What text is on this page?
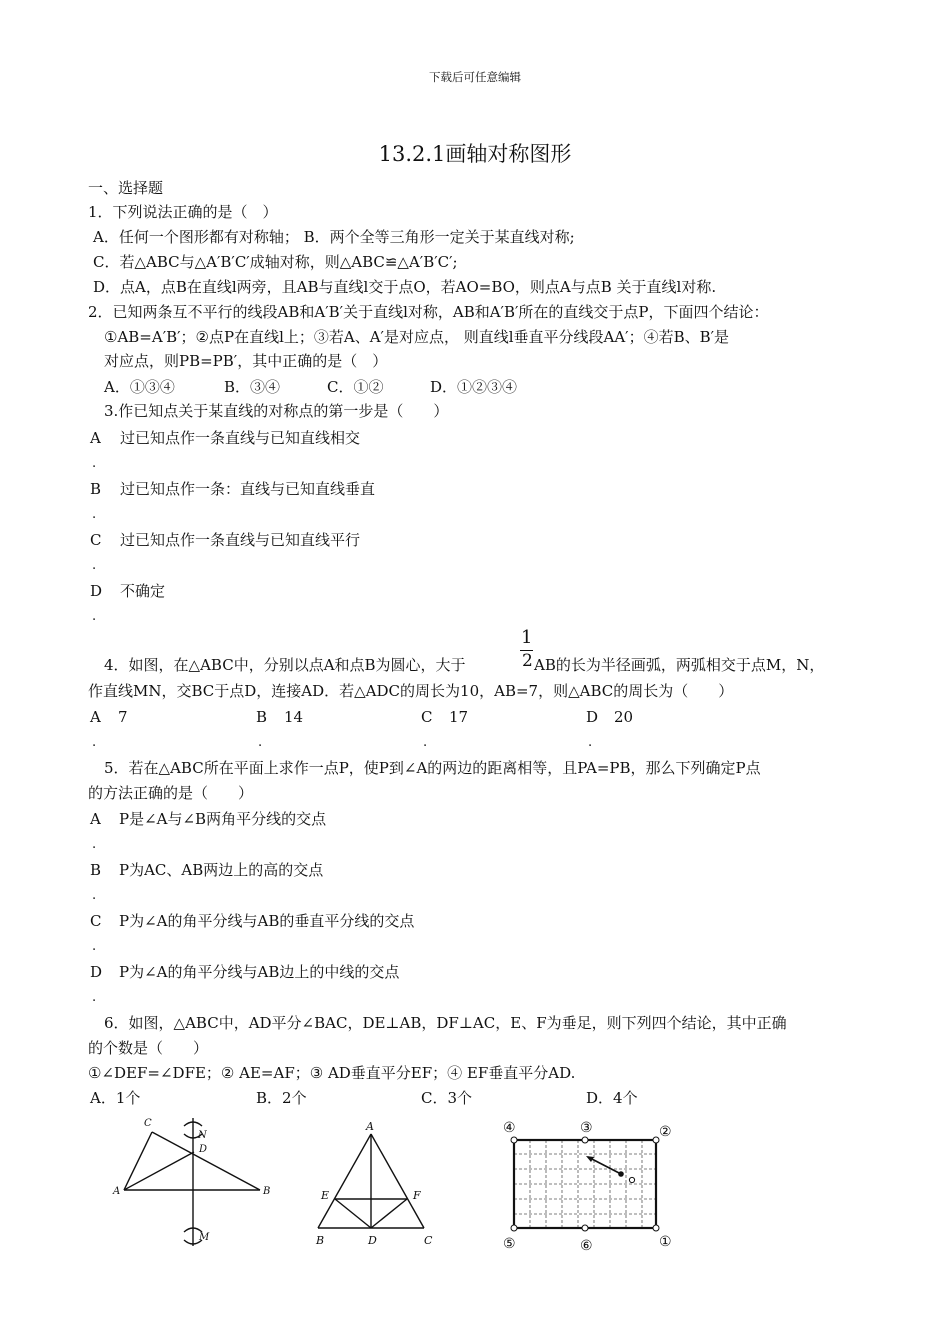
下载后可任意编辑
13.2.1画轴对称图形
一、选择题
1．下列说法正确的是（　）
A．任何一个图形都有对称轴； B．两个全等三角形一定关于某直线对称;
C．若△ABC与△A′B′C′成轴对称，则△ABC≌△A′B′C′;
D．点A，点B在直线l两旁，且AB与直线l交于点O，若AO=BO，则点A与点B 关于直线l对称.
2．已知两条互不平行的线段AB和A′B′关于直线l对称，AB和A′B′所在的直线交于点P，下面四个结论：
①AB=A′B′；②点P在直线l上；③若A、A′是对应点， 则直线l垂直平分线段AA′；④若B、B′是
对应点，则PB=PB′，其中正确的是（　）
A．①③④	B．③④	C．①②	D．①②③④
3.作已知点关于某直线的对称点的第一步是（　　）
A 过已知点作一条直线与已知直线相交
.
B 过已知点作一条：直线与已知直线垂直
.
C 过已知点作一条直线与已知直线平行
.
D 不确定
.
1
4．如图，在△ABC中，分别以点A和点B为圆心，大于	2 AB的长为半径画弧，两弧相交于点M，N，
作直线MN，交BC于点D，连接AD．若△ADC的周长为10，AB=7，则△ABC的周长为（　　）
A 7	B 14	C 17	D 20
.	.	.	.
5．若在△ABC所在平面上求作一点P，使P到∠A的两边的距离相等，且PA=PB，那么下列确定P点
的方法正确的是（　　）
A P是∠A与∠B两角平分线的交点
.
B P为AC、AB两边上的高的交点
.
C P为∠A的角平分线与AB的垂直平分线的交点
.
D P为∠A的角平分线与AB边上的中线的交点
.
6．如图，△ABC中，AD平分∠BAC，DE⊥AB，DF⊥AC，E、F为垂足，则下列四个结论，其中正确
的个数是（　　）
①∠DEF=∠DFE；② AE=AF；③ AD垂直平分EF；④ EF垂直平分AD.
A．1个	B．2个	C．3个	D．4个
C
N
D
A	B
M
A
E	F
B	D	C
④	③	②
⑤	⑥	①
